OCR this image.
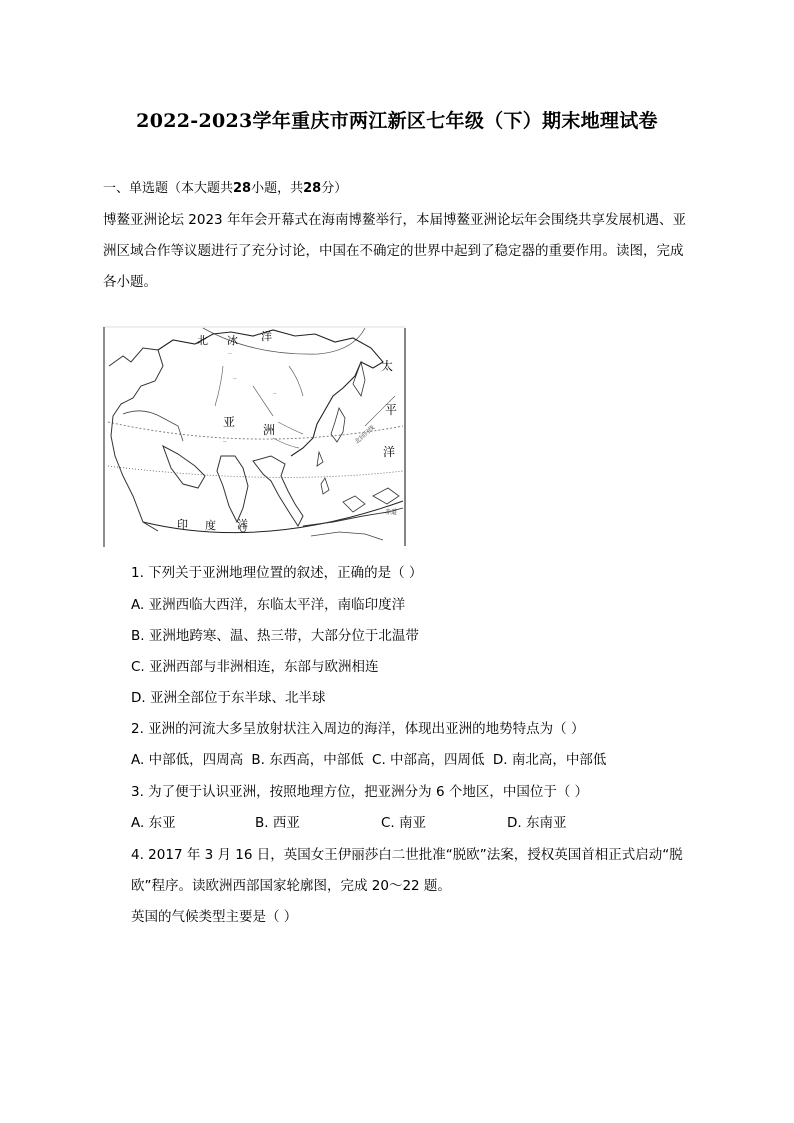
2022-2023学年重庆市两江新区七年级（下）期末地理试卷
一、单选题（本大题共28小题，共28分）
博鳌亚洲论坛 2023 年年会开幕式在海南博鳌举行，本届博鳌亚洲论坛年会围绕共享发展机遇、亚洲区域合作等议题进行了充分讨论，中国在不确定的世界中起到了稳定器的重要作用。读图，完成各小题。
··
··
··
··
北 冰 洋
太
平
洋
亚
洲
印 度 洋
北回归线
赤道
1. 下列关于亚洲地理位置的叙述，正确的是（ ）
A. 亚洲西临大西洋，东临太平洋，南临印度洋
B. 亚洲地跨寒、温、热三带，大部分位于北温带
C. 亚洲西部与非洲相连，东部与欧洲相连
D. 亚洲全部位于东半球、北半球
2. 亚洲的河流大多呈放射状注入周边的海洋，体现出亚洲的地势特点为（ ）
A. 中部低，四周高 B. 东西高，中部低 C. 中部高，四周低 D. 南北高，中部低
3. 为了便于认识亚洲，按照地理方位，把亚洲分为 6 个地区，中国位于（ ）
A. 东亚	B. 西亚	C. 南亚	D. 东南亚
4. 2017 年 3 月 16 日，英国女王伊丽莎白二世批准“脱欧”法案，授权英国首相正式启动“脱
欧”程序。读欧洲西部国家轮廓图，完成 20～22 题。
英国的气候类型主要是（ ）
